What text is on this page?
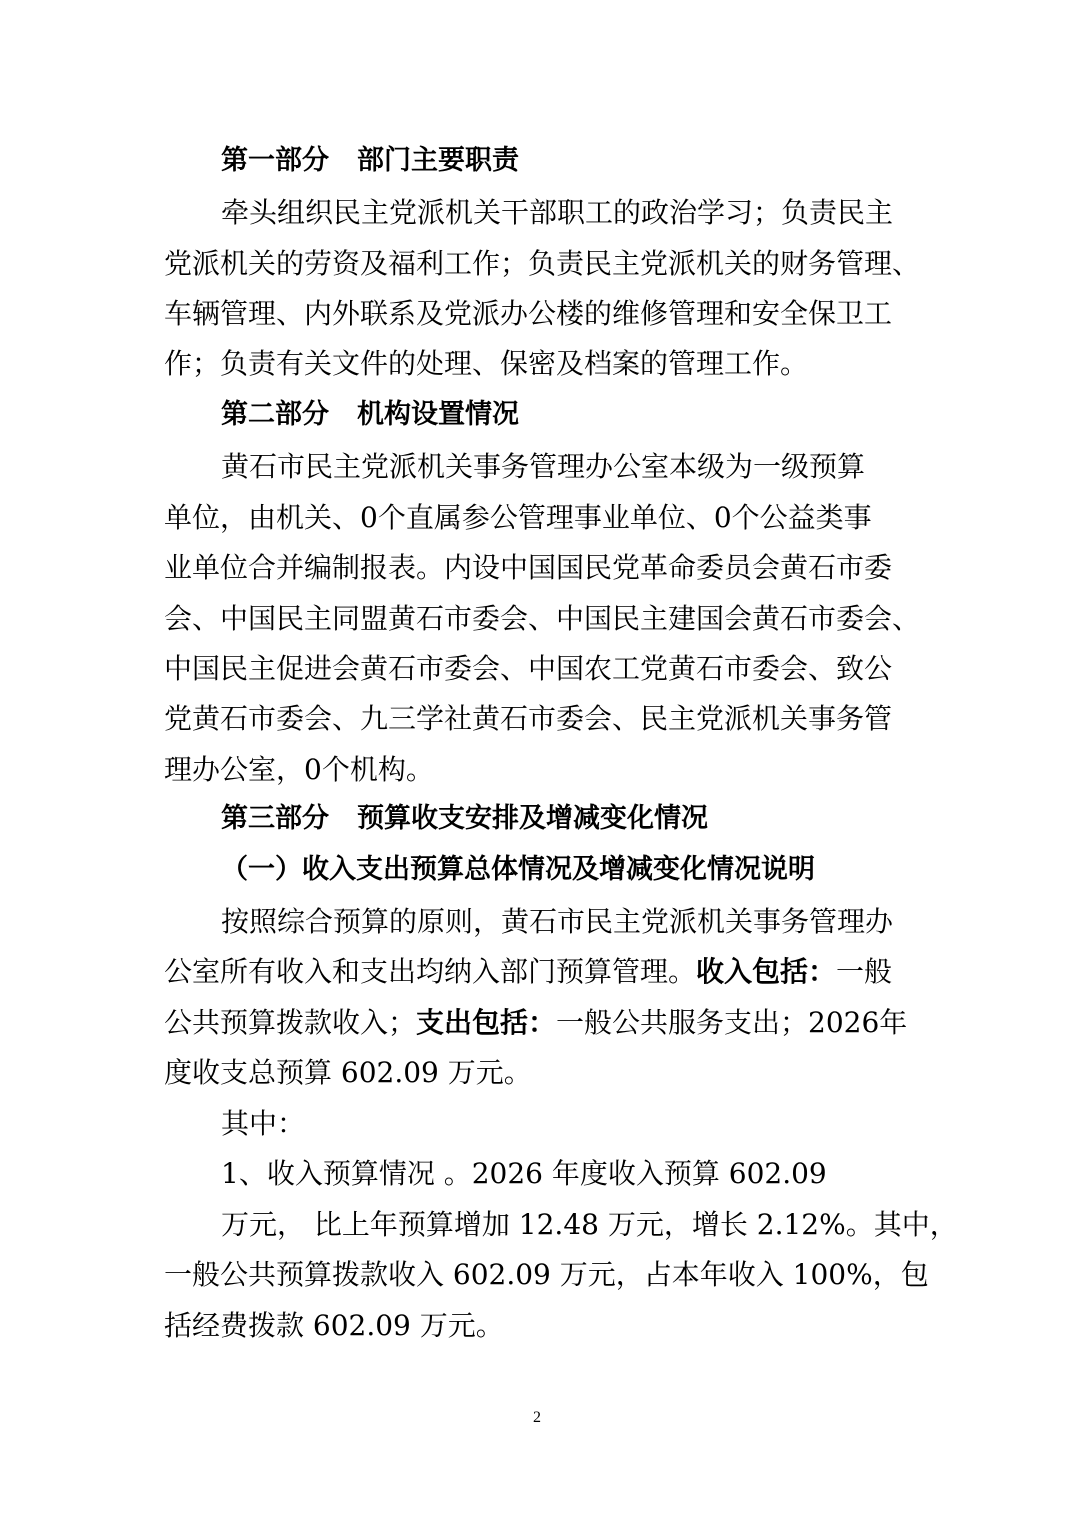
第一部分 部门主要职责
牵头组织民主党派机关干部职工的政治学习；负责民主
党派机关的劳资及福利工作；负责民主党派机关的财务管理、
车辆管理、内外联系及党派办公楼的维修管理和安全保卫工
作；负责有关文件的处理、保密及档案的管理工作。
第二部分 机构设置情况
黄石市民主党派机关事务管理办公室本级为一级预算
单位，由机关、0个直属参公管理事业单位、0个公益类事
业单位合并编制报表。内设中国国民党革命委员会黄石市委
会、中国民主同盟黄石市委会、中国民主建国会黄石市委会、
中国民主促进会黄石市委会、中国农工党黄石市委会、致公
党黄石市委会、九三学社黄石市委会、民主党派机关事务管
理办公室，0个机构。
第三部分 预算收支安排及增减变化情况
（一）收入支出预算总体情况及增减变化情况说明
按照综合预算的原则，黄石市民主党派机关事务管理办
公室所有收入和支出均纳入部门预算管理。收入包括：一般
公共预算拨款收入；支出包括：一般公共服务支出；2026年
度收支总预算 602.09 万元。
其中：
1、收入预算情况 。2026 年度收入预算 602.09
万元， 比上年预算增加 12.48 万元，增长 2.12%。其中，
一般公共预算拨款收入 602.09 万元，占本年收入 100%，包
括经费拨款 602.09 万元。
2
